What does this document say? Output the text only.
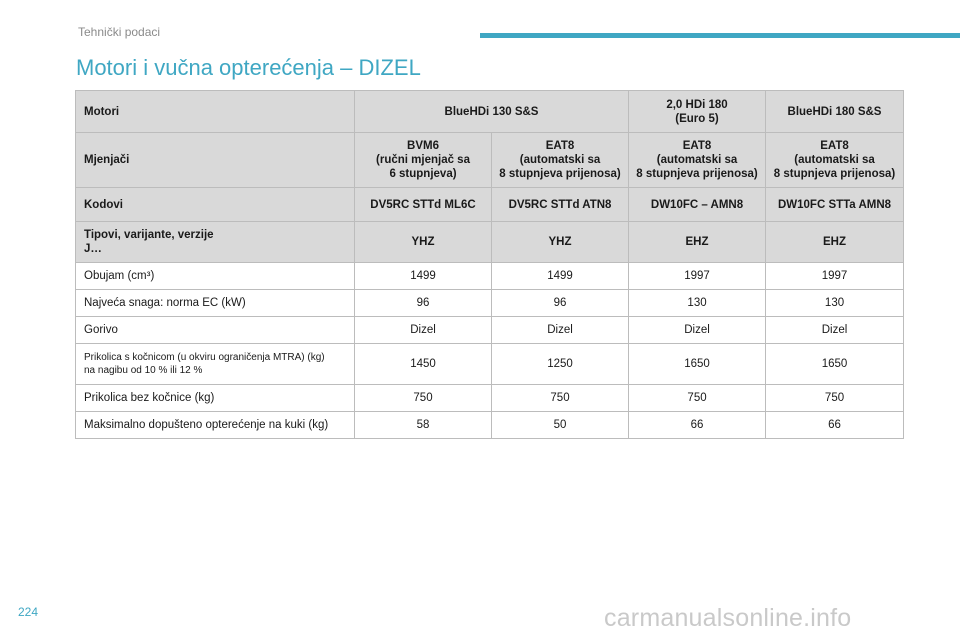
Tehnički podaci
Motori i vučna opterećenja – DIZEL
Motori	BlueHDi 130 S&S		2,0 HDi 180
(Euro 5)	BlueHDi 180 S&S

Mjenjači	BVM6
(ručni mjenjač sa
6 stupnjeva)	EAT8
(automatski sa
8 stupnjeva prijenosa)	EAT8
(automatski sa
8 stupnjeva prijenosa)	EAT8
(automatski sa
8 stupnjeva prijenosa)

Kodovi	DV5RC STTd ML6C	DV5RC STTd ATN8	DW10FC – AMN8	DW10FC STTa AMN8

Tipovi, varijante, verzije
J…	YHZ	YHZ	EHZ	EHZ
Obujam (cm³)	1499	1499	1997	1997
Najveća snaga: norma EC (kW)	96	96	130	130
Gorivo	Dizel	Dizel	Dizel	Dizel

Prikolica s kočnicom (u okviru ograničenja MTRA) (kg)
na nagibu od 10 % ili 12 %	1450	1250	1650	1650
Prikolica bez kočnice (kg)	750	750	750	750
Maksimalno dopušteno opterećenje na kuki (kg)	58	50	66	66
224	carmanualsonline.info
